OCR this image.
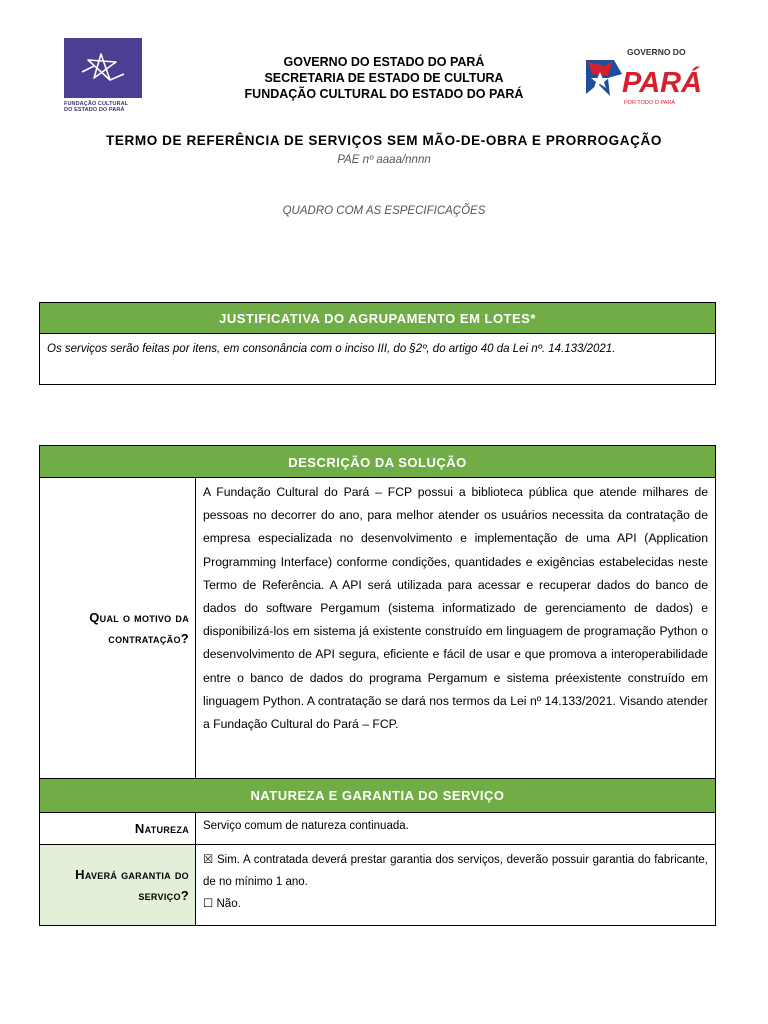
FUNDAÇÃO CULTURAL
DO ESTADO DO PARÁ
GOVERNO DO ESTADO DO PARÁ
SECRETARIA DE ESTADO DE CULTURA
FUNDAÇÃO CULTURAL DO ESTADO DO PARÁ
GOVERNO DO
PARÁ
POR TODO O PARÁ
TERMO DE REFERÊNCIA DE SERVIÇOS SEM MÃO-DE-OBRA E PRORROGAÇÃO
PAE nº aaaa/nnnn
QUADRO COM AS ESPECIFICAÇÕES
JUSTIFICATIVA DO AGRUPAMENTO EM LOTES*
Os serviços serão feitas por itens, em consonância com o inciso III, do §2º, do artigo 40 da Lei nº. 14.133/2021.
DESCRIÇÃO DA SOLUÇÃO
Qual o motivo da contratação?
A Fundação Cultural do Pará – FCP possui a biblioteca pública que atende milhares de pessoas no decorrer do ano, para melhor atender os usuários necessita da contratação de empresa especializada no desenvolvimento e implementação de uma API (Application Programming Interface) conforme condições, quantidades e exigências estabelecidas neste Termo de Referência. A API será utilizada para acessar e recuperar dados do banco de dados do software Pergamum (sistema informatizado de gerenciamento de dados) e disponibilizá-los em sistema já existente construído em linguagem de programação Python o desenvolvimento de API segura, eficiente e fácil de usar e que promova a interoperabilidade entre o banco de dados do programa Pergamum e sistema préexistente construído em linguagem Python. A contratação se dará nos termos da Lei nº 14.133/2021. Visando atender a Fundação Cultural do Pará – FCP.
NATUREZA E GARANTIA DO SERVIÇO
Natureza	Serviço comum de natureza continuada.
Haverá garantia do serviço?
☒ Sim. A contratada deverá prestar garantia dos serviços, deverão possuir garantia do fabricante, de no mínimo 1 ano.
☐ Não.
